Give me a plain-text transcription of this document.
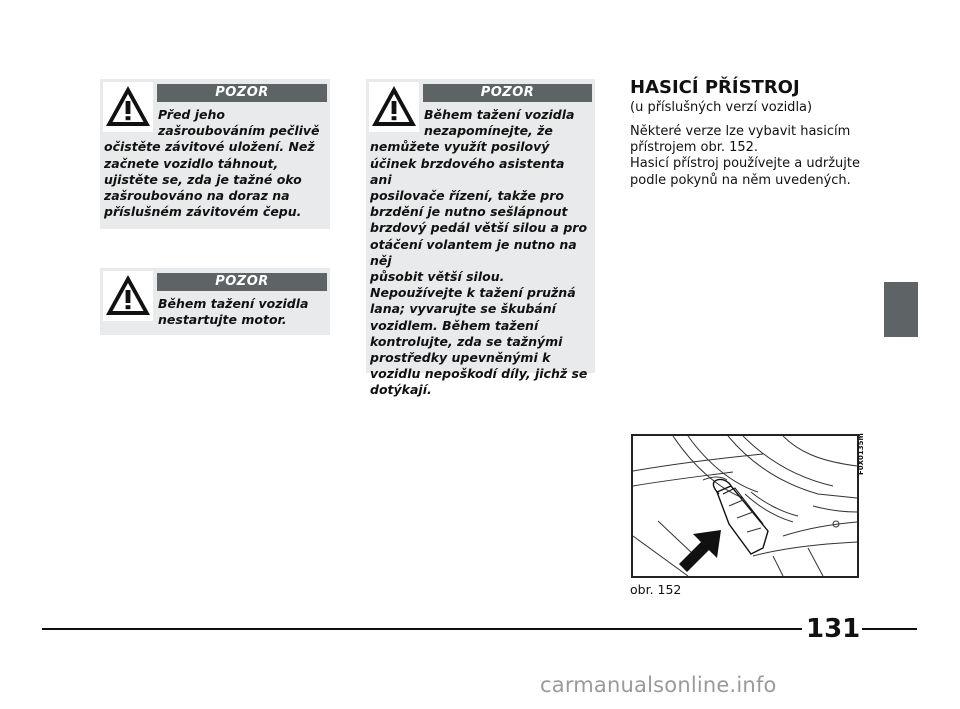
POZOR
Před jeho
zašroubováním pečlivě
očistěte závitové uložení. Než
začnete vozidlo táhnout,
ujistěte se, zda je tažné oko
zašroubováno na doraz na
příslušném závitovém čepu.
POZOR
Během tažení vozidla
nestartujte motor.
POZOR
Během tažení vozidla
nezapomínejte, že
nemůžete využít posilový
účinek brzdového asistenta ani
posilovače řízení, takže pro
brzdění je nutno sešlápnout
brzdový pedál větší silou a pro
otáčení volantem je nutno na něj
působit větší silou.
Nepoužívejte k tažení pružná
lana; vyvarujte se škubání
vozidlem. Během tažení
kontrolujte, zda se tažnými
prostředky upevněnými k
vozidlu nepoškodí díly, jichž se
dotýkají.
HASICÍ PŘÍSTROJ
(u příslušných verzí vozidla)
Některé verze lze vybavit hasicím
přístrojem obr. 152.
Hasicí přístroj používejte a udržujte
podle pokynů na něm uvedených.
F0X0135m
obr. 152
131
carmanualsonline.info
